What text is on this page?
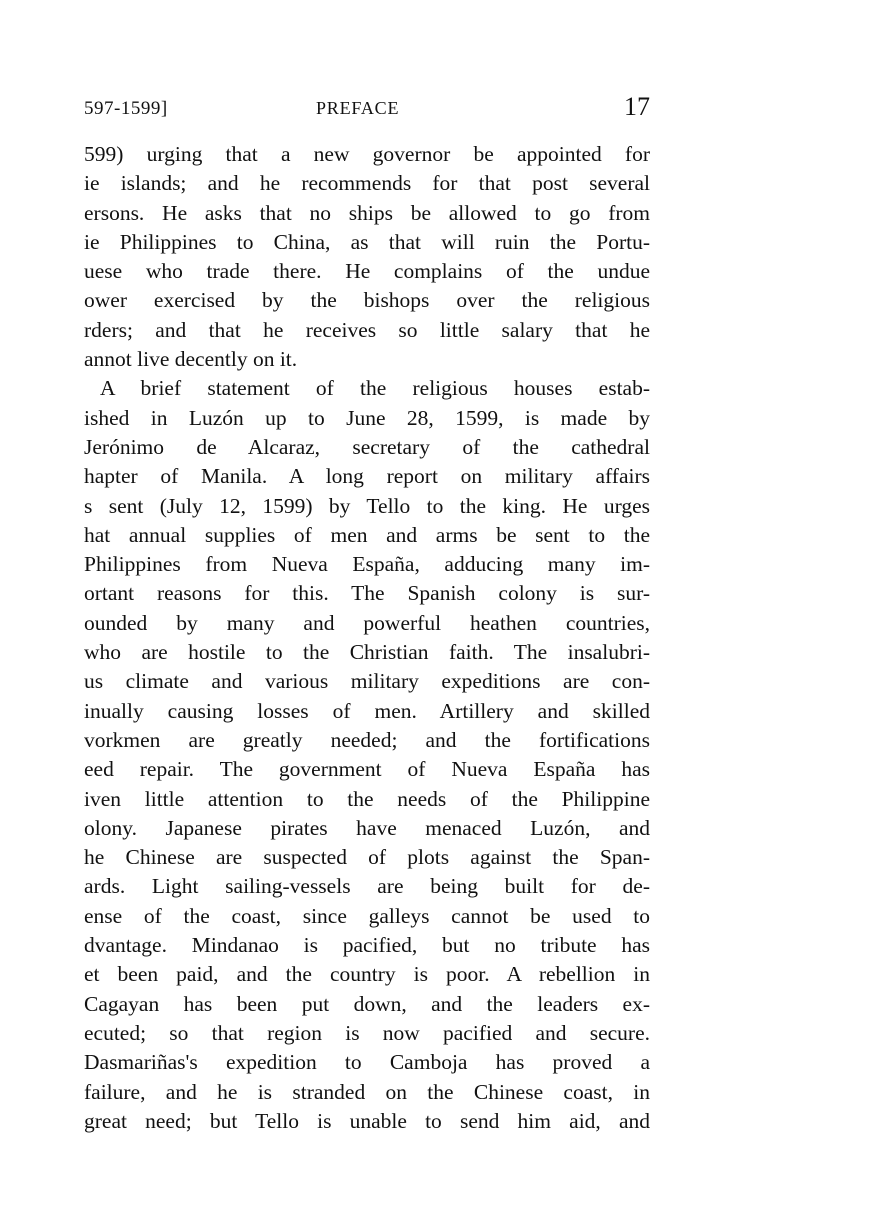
597-1599]	PREFACE	17
599) urging that a new governor be appointed for
ie islands; and he recommends for that post several
ersons. He asks that no ships be allowed to go from
ie Philippines to China, as that will ruin the Portu-
uese who trade there. He complains of the undue
ower exercised by the bishops over the religious
rders; and that he receives so little salary that he
annot live decently on it.
A brief statement of the religious houses estab-
ished in Luzón up to June 28, 1599, is made by
Jerónimo de Alcaraz, secretary of the cathedral
hapter of Manila. A long report on military affairs
s sent (July 12, 1599) by Tello to the king. He urges
hat annual supplies of men and arms be sent to the
Philippines from Nueva España, adducing many im-
ortant reasons for this. The Spanish colony is sur-
ounded by many and powerful heathen countries,
who are hostile to the Christian faith. The insalubri-
us climate and various military expeditions are con-
inually causing losses of men. Artillery and skilled
vorkmen are greatly needed; and the fortifications
eed repair. The government of Nueva España has
iven little attention to the needs of the Philippine
olony. Japanese pirates have menaced Luzón, and
he Chinese are suspected of plots against the Span-
ards. Light sailing-vessels are being built for de-
ense of the coast, since galleys cannot be used to
dvantage. Mindanao is pacified, but no tribute has
et been paid, and the country is poor. A rebellion in
Cagayan has been put down, and the leaders ex-
ecuted; so that region is now pacified and secure.
Dasmariñas's expedition to Camboja has proved a
failure, and he is stranded on the Chinese coast, in
great need; but Tello is unable to send him aid, and
